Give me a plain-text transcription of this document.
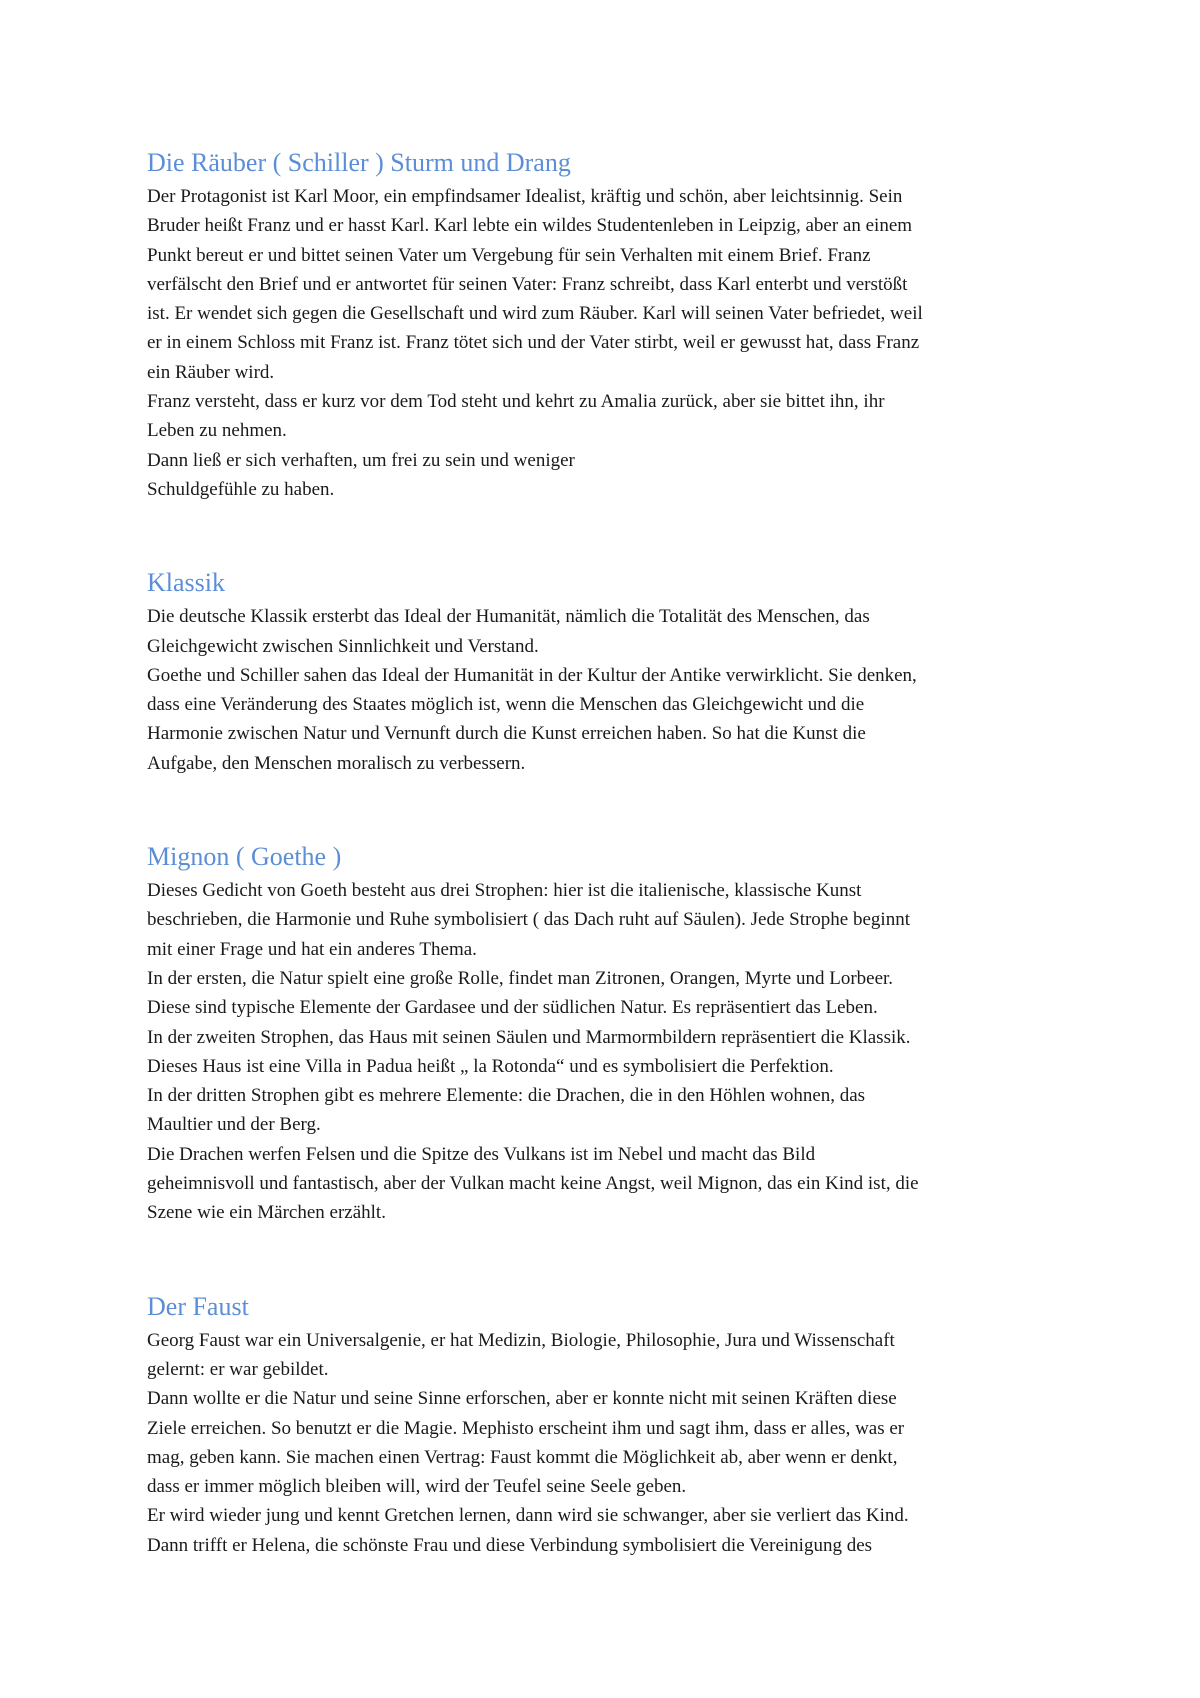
Die Räuber ( Schiller ) Sturm und Drang

Der Protagonist ist Karl Moor, ein empfindsamer Idealist, kräftig und schön, aber leichtsinnig. Sein
Bruder heißt Franz und er hasst Karl. Karl lebte ein wildes Studentenleben in Leipzig, aber an einem
Punkt bereut er und bittet seinen Vater um Vergebung für sein Verhalten mit einem Brief. Franz
verfälscht den Brief und er antwortet für seinen Vater: Franz schreibt, dass Karl enterbt und verstößt
ist. Er wendet sich gegen die Gesellschaft und wird zum Räuber. Karl will seinen Vater befriedet, weil
er in einem Schloss mit Franz ist. Franz tötet sich und der Vater stirbt, weil er gewusst hat, dass Franz
ein Räuber wird.
Franz versteht, dass er kurz vor dem Tod steht und kehrt zu Amalia zurück, aber sie bittet ihn, ihr
Leben zu nehmen.
Dann ließ er sich verhaften, um frei zu sein und weniger
Schuldgefühle zu haben.

Klassik

Die deutsche Klassik ersterbt das Ideal der Humanität, nämlich die Totalität des Menschen, das
Gleichgewicht zwischen Sinnlichkeit und Verstand.
Goethe und Schiller sahen das Ideal der Humanität in der Kultur der Antike verwirklicht. Sie denken,
dass eine Veränderung des Staates möglich ist, wenn die Menschen das Gleichgewicht und die
Harmonie zwischen Natur und Vernunft durch die Kunst erreichen haben. So hat die Kunst die
Aufgabe, den Menschen moralisch zu verbessern.

Mignon ( Goethe )

Dieses Gedicht von Goeth besteht aus drei Strophen: hier ist die italienische, klassische Kunst
beschrieben, die Harmonie und Ruhe symbolisiert ( das Dach ruht auf Säulen). Jede Strophe beginnt
mit einer Frage und hat ein anderes Thema.
In der ersten, die Natur spielt eine große Rolle, findet man Zitronen, Orangen, Myrte und Lorbeer.
Diese sind typische Elemente der Gardasee und der südlichen Natur. Es repräsentiert das Leben.
In der zweiten Strophen, das Haus mit seinen Säulen und Marmormbildern repräsentiert die Klassik.
Dieses Haus ist eine Villa in Padua heißt „ la Rotonda“ und es symbolisiert die Perfektion.
In der dritten Strophen gibt es mehrere Elemente: die Drachen, die in den Höhlen wohnen, das
Maultier und der Berg.
Die Drachen werfen Felsen und die Spitze des Vulkans ist im Nebel und macht das Bild
geheimnisvoll und fantastisch, aber der Vulkan macht keine Angst, weil Mignon, das ein Kind ist, die
Szene wie ein Märchen erzählt.

Der Faust

Georg Faust war ein Universalgenie, er hat Medizin, Biologie, Philosophie, Jura und Wissenschaft
gelernt: er war gebildet.
Dann wollte er die Natur und seine Sinne erforschen, aber er konnte nicht mit seinen Kräften diese
Ziele erreichen. So benutzt er die Magie. Mephisto erscheint ihm und sagt ihm, dass er alles, was er
mag, geben kann. Sie machen einen Vertrag: Faust kommt die Möglichkeit ab, aber wenn er denkt,
dass er immer möglich bleiben will, wird der Teufel seine Seele geben.
Er wird wieder jung und kennt Gretchen lernen, dann wird sie schwanger, aber sie verliert das Kind.
Dann trifft er Helena, die schönste Frau und diese Verbindung symbolisiert die Vereinigung des
